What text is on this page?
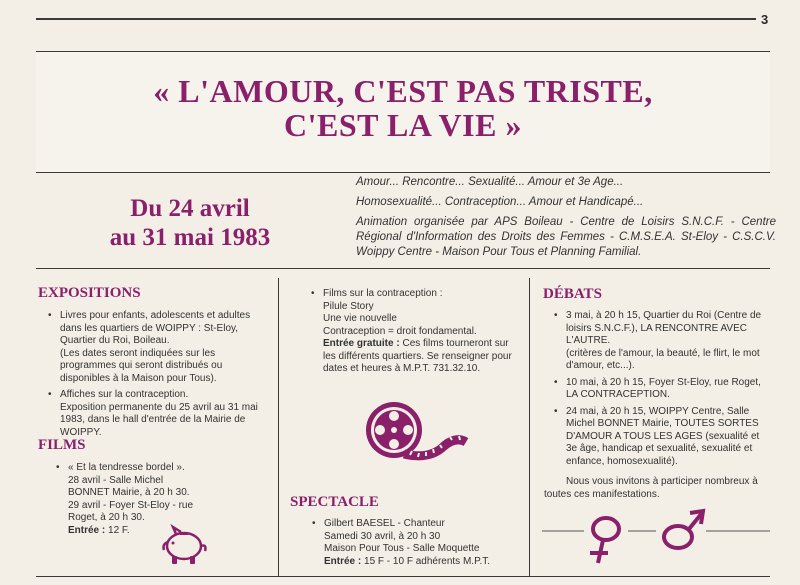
3
« L'AMOUR, C'EST PAS TRISTE,
C'EST LA VIE »
Du 24 avril
au 31 mai 1983

Amour... Rencontre... Sexualité... Amour et 3e Age...

Homosexualité... Contraception... Amour et Handicapé...

Animation organisée par APS Boileau - Centre de Loisirs S.N.C.F. - Centre Régional d'Information des Droits des Femmes - C.M.S.E.A. St-Eloy - C.S.C.V. Woippy Centre - Maison Pour Tous et Planning Familial.

EXPOSITIONS
• Livres pour enfants, adolescents et adultes dans les quartiers de WOIPPY : St-Eloy, Quartier du Roi, Boileau.
(Les dates seront indiquées sur les programmes qui seront distribués ou disponibles à la Maison pour Tous).
• Affiches sur la contraception.
Exposition permanente du 25 avril au 31 mai 1983, dans le hall d'entrée de la Mairie de WOIPPY.
FILMS
• « Et la tendresse bordel ».
28 avril - Salle Michel BONNET Mairie, à 20 h 30.
29 avril - Foyer St-Eloy - rue Roget, à 20 h 30.
Entrée : 12 F.
• Films sur la contraception :
Pilule Story
Une vie nouvelle
Contraception = droit fondamental.
Entrée gratuite : Ces films tourneront sur les différents quartiers. Se renseigner pour dates et heures à M.P.T. 731.32.10.
SPECTACLE
• Gilbert BAESEL - Chanteur
Samedi 30 avril, à 20 h 30
Maison Pour Tous - Salle Moquette
Entrée : 15 F - 10 F adhérents M.P.T.
DÉBATS
• 3 mai, à 20 h 15, Quartier du Roi (Centre de loisirs S.N.C.F.), LA RENCONTRE AVEC L'AUTRE.
(critères de l'amour, la beauté, le flirt, le mot d'amour, etc...).
• 10 mai, à 20 h 15, Foyer St-Eloy, rue Roget, LA CONTRACEPTION.
• 24 mai, à 20 h 15, WOIPPY Centre, Salle Michel BONNET Mairie, TOUTES SORTES D'AMOUR A TOUS LES AGES (sexualité et 3e âge, handicap et sexualité, sexualité et enfance, homosexualité).
Nous vous invitons à participer nombreux à toutes ces manifestations.
